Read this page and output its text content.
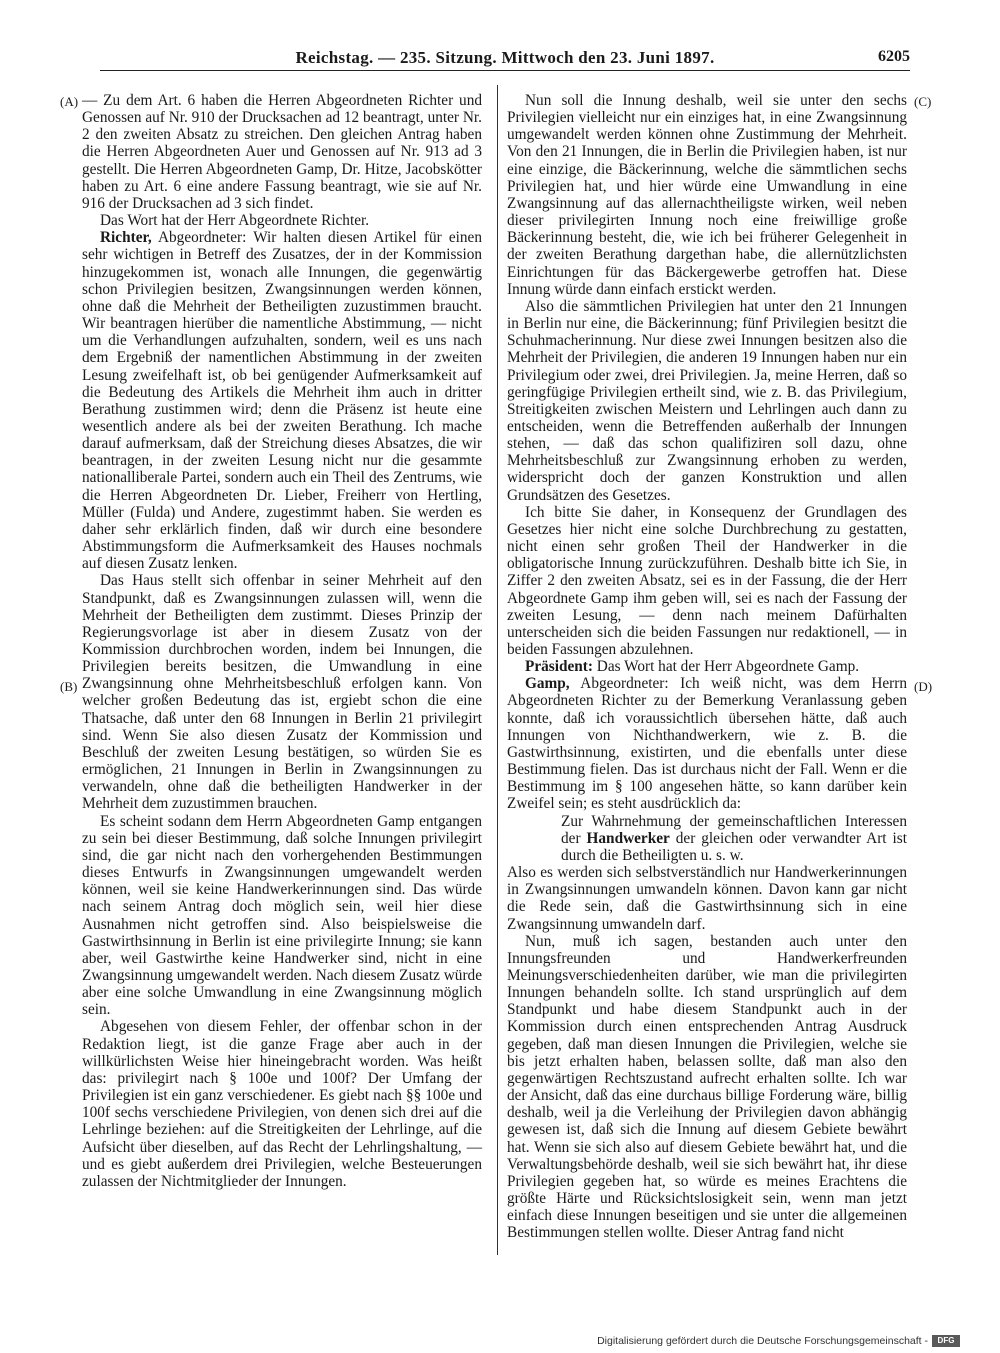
Reichstag. — 235. Sitzung. Mittwoch den 23. Juni 1897.	6205
(A)
(B)
(C)
(D)

— Zu dem Art. 6 haben die Herren Abgeordneten Richter und Genossen auf Nr. 910 der Drucksachen ad 12 beantragt, unter Nr. 2 den zweiten Absatz zu streichen. Den gleichen Antrag haben die Herren Abgeordneten Auer und Genossen auf Nr. 913 ad 3 gestellt. Die Herren Abgeordneten Gamp, Dr. Hitze, Jacobskötter haben zu Art. 6 eine andere Fassung beantragt, wie sie auf Nr. 916 der Drucksachen ad 3 sich findet.

Das Wort hat der Herr Abgeordnete Richter.

Richter, Abgeordneter: Wir halten diesen Artikel für einen sehr wichtigen in Betreff des Zusatzes, der in der Kommission hinzugekommen ist, wonach alle Innungen, die gegenwärtig schon Privilegien besitzen, Zwangsinnungen werden können, ohne daß die Mehrheit der Betheiligten zuzustimmen braucht. Wir beantragen hierüber die namentliche Abstimmung, — nicht um die Verhandlungen aufzuhalten, sondern, weil es uns nach dem Ergebniß der namentlichen Abstimmung in der zweiten Lesung zweifelhaft ist, ob bei genügender Aufmerksamkeit auf die Bedeutung des Artikels die Mehrheit ihm auch in dritter Berathung zustimmen wird; denn die Präsenz ist heute eine wesentlich andere als bei der zweiten Berathung. Ich mache darauf aufmerksam, daß der Streichung dieses Absatzes, die wir beantragen, in der zweiten Lesung nicht nur die gesammte nationalliberale Partei, sondern auch ein Theil des Zentrums, wie die Herren Abgeordneten Dr. Lieber, Freiherr von Hertling, Müller (Fulda) und Andere, zugestimmt haben. Sie werden es daher sehr erklärlich finden, daß wir durch eine besondere Abstimmungsform die Aufmerksamkeit des Hauses nochmals auf diesen Zusatz lenken.

Das Haus stellt sich offenbar in seiner Mehrheit auf den Standpunkt, daß es Zwangsinnungen zulassen will, wenn die Mehrheit der Betheiligten dem zustimmt. Dieses Prinzip der Regierungsvorlage ist aber in diesem Zusatz von der Kommission durchbrochen worden, indem bei Innungen, die Privilegien bereits besitzen, die Umwandlung in eine Zwangsinnung ohne Mehrheitsbeschluß erfolgen kann. Von welcher großen Bedeutung das ist, ergiebt schon die eine Thatsache, daß unter den 68 Innungen in Berlin 21 privilegirt sind. Wenn Sie also diesen Zusatz der Kommission und Beschluß der zweiten Lesung bestätigen, so würden Sie es ermöglichen, 21 Innungen in Berlin in Zwangsinnungen zu verwandeln, ohne daß die betheiligten Handwerker in der Mehrheit dem zuzustimmen brauchen.

Es scheint sodann dem Herrn Abgeordneten Gamp entgangen zu sein bei dieser Bestimmung, daß solche Innungen privilegirt sind, die gar nicht nach den vorhergehenden Bestimmungen dieses Entwurfs in Zwangsinnungen umgewandelt werden können, weil sie keine Handwerkerinnungen sind. Das würde nach seinem Antrag doch möglich sein, weil hier diese Ausnahmen nicht getroffen sind. Also beispielsweise die Gastwirthsinnung in Berlin ist eine privilegirte Innung; sie kann aber, weil Gastwirthe keine Handwerker sind, nicht in eine Zwangsinnung umgewandelt werden. Nach diesem Zusatz würde aber eine solche Umwandlung in eine Zwangsinnung möglich sein.

Abgesehen von diesem Fehler, der offenbar schon in der Redaktion liegt, ist die ganze Frage aber auch in der willkürlichsten Weise hier hineingebracht worden. Was heißt das: privilegirt nach § 100e und 100f? Der Umfang der Privilegien ist ein ganz verschiedener. Es giebt nach §§ 100e und 100f sechs verschiedene Privilegien, von denen sich drei auf die Lehrlinge beziehen: auf die Streitigkeiten der Lehrlinge, auf die Aufsicht über dieselben, auf das Recht der Lehrlingshaltung, — und es giebt außerdem drei Privilegien, welche Besteuerungen zulassen der Nichtmitglieder der Innungen.

Nun soll die Innung deshalb, weil sie unter den sechs Privilegien vielleicht nur ein einziges hat, in eine Zwangsinnung umgewandelt werden können ohne Zustimmung der Mehrheit. Von den 21 Innungen, die in Berlin die Privilegien haben, ist nur eine einzige, die Bäckerinnung, welche die sämmtlichen sechs Privilegien hat, und hier würde eine Umwandlung in eine Zwangsinnung auf das allernachtheiligste wirken, weil neben dieser privilegirten Innung noch eine freiwillige große Bäckerinnung besteht, die, wie ich bei früherer Gelegenheit in der zweiten Berathung dargethan habe, die allernützlichsten Einrichtungen für das Bäckergewerbe getroffen hat. Diese Innung würde dann einfach erstickt werden.

Also die sämmtlichen Privilegien hat unter den 21 Innungen in Berlin nur eine, die Bäckerinnung; fünf Privilegien besitzt die Schuhmacherinnung. Nur diese zwei Innungen besitzen also die Mehrheit der Privilegien, die anderen 19 Innungen haben nur ein Privilegium oder zwei, drei Privilegien. Ja, meine Herren, daß so geringfügige Privilegien ertheilt sind, wie z. B. das Privilegium, Streitigkeiten zwischen Meistern und Lehrlingen auch dann zu entscheiden, wenn die Betreffenden außerhalb der Innungen stehen, — daß das schon qualifiziren soll dazu, ohne Mehrheitsbeschluß zur Zwangsinnung erhoben zu werden, widerspricht doch der ganzen Konstruktion und allen Grundsätzen des Gesetzes.

Ich bitte Sie daher, in Konsequenz der Grundlagen des Gesetzes hier nicht eine solche Durchbrechung zu gestatten, nicht einen sehr großen Theil der Handwerker in die obligatorische Innung zurückzuführen. Deshalb bitte ich Sie, in Ziffer 2 den zweiten Absatz, sei es in der Fassung, die der Herr Abgeordnete Gamp ihm geben will, sei es nach der Fassung der zweiten Lesung, — denn nach meinem Dafürhalten unterscheiden sich die beiden Fassungen nur redaktionell, — in beiden Fassungen abzulehnen.

Präsident: Das Wort hat der Herr Abgeordnete Gamp.

Gamp, Abgeordneter: Ich weiß nicht, was dem Herrn Abgeordneten Richter zu der Bemerkung Veranlassung geben konnte, daß ich voraussichtlich übersehen hätte, daß auch Innungen von Nichthandwerkern, wie z. B. die Gastwirthsinnung, existirten, und die ebenfalls unter diese Bestimmung fielen. Das ist durchaus nicht der Fall. Wenn er die Bestimmung im § 100 angesehen hätte, so kann darüber kein Zweifel sein; es steht ausdrücklich da:

Zur Wahrnehmung der gemeinschaftlichen Interessen der Handwerker der gleichen oder verwandter Art ist durch die Betheiligten u. s. w.

Also es werden sich selbstverständlich nur Handwerkerinnungen in Zwangsinnungen umwandeln können. Davon kann gar nicht die Rede sein, daß die Gastwirthsinnung sich in eine Zwangsinnung umwandeln darf.

Nun, muß ich sagen, bestanden auch unter den Innungsfreunden und Handwerkerfreunden Meinungsverschiedenheiten darüber, wie man die privilegirten Innungen behandeln sollte. Ich stand ursprünglich auf dem Standpunkt und habe diesem Standpunkt auch in der Kommission durch einen entsprechenden Antrag Ausdruck gegeben, daß man diesen Innungen die Privilegien, welche sie bis jetzt erhalten haben, belassen sollte, daß man also den gegenwärtigen Rechtszustand aufrecht erhalten sollte. Ich war der Ansicht, daß das eine durchaus billige Forderung wäre, billig deshalb, weil ja die Verleihung der Privilegien davon abhängig gewesen ist, daß sich die Innung auf diesem Gebiete bewährt hat. Wenn sie sich also auf diesem Gebiete bewährt hat, und die Verwaltungsbehörde deshalb, weil sie sich bewährt hat, ihr diese Privilegien gegeben hat, so würde es meines Erachtens die größte Härte und Rücksichtslosigkeit sein, wenn man jetzt einfach diese Innungen beseitigen und sie unter die allgemeinen Bestimmungen stellen wollte. Dieser Antrag fand nicht

Digitalisierung gefördert durch die Deutsche Forschungsgemeinschaft -	DFG
